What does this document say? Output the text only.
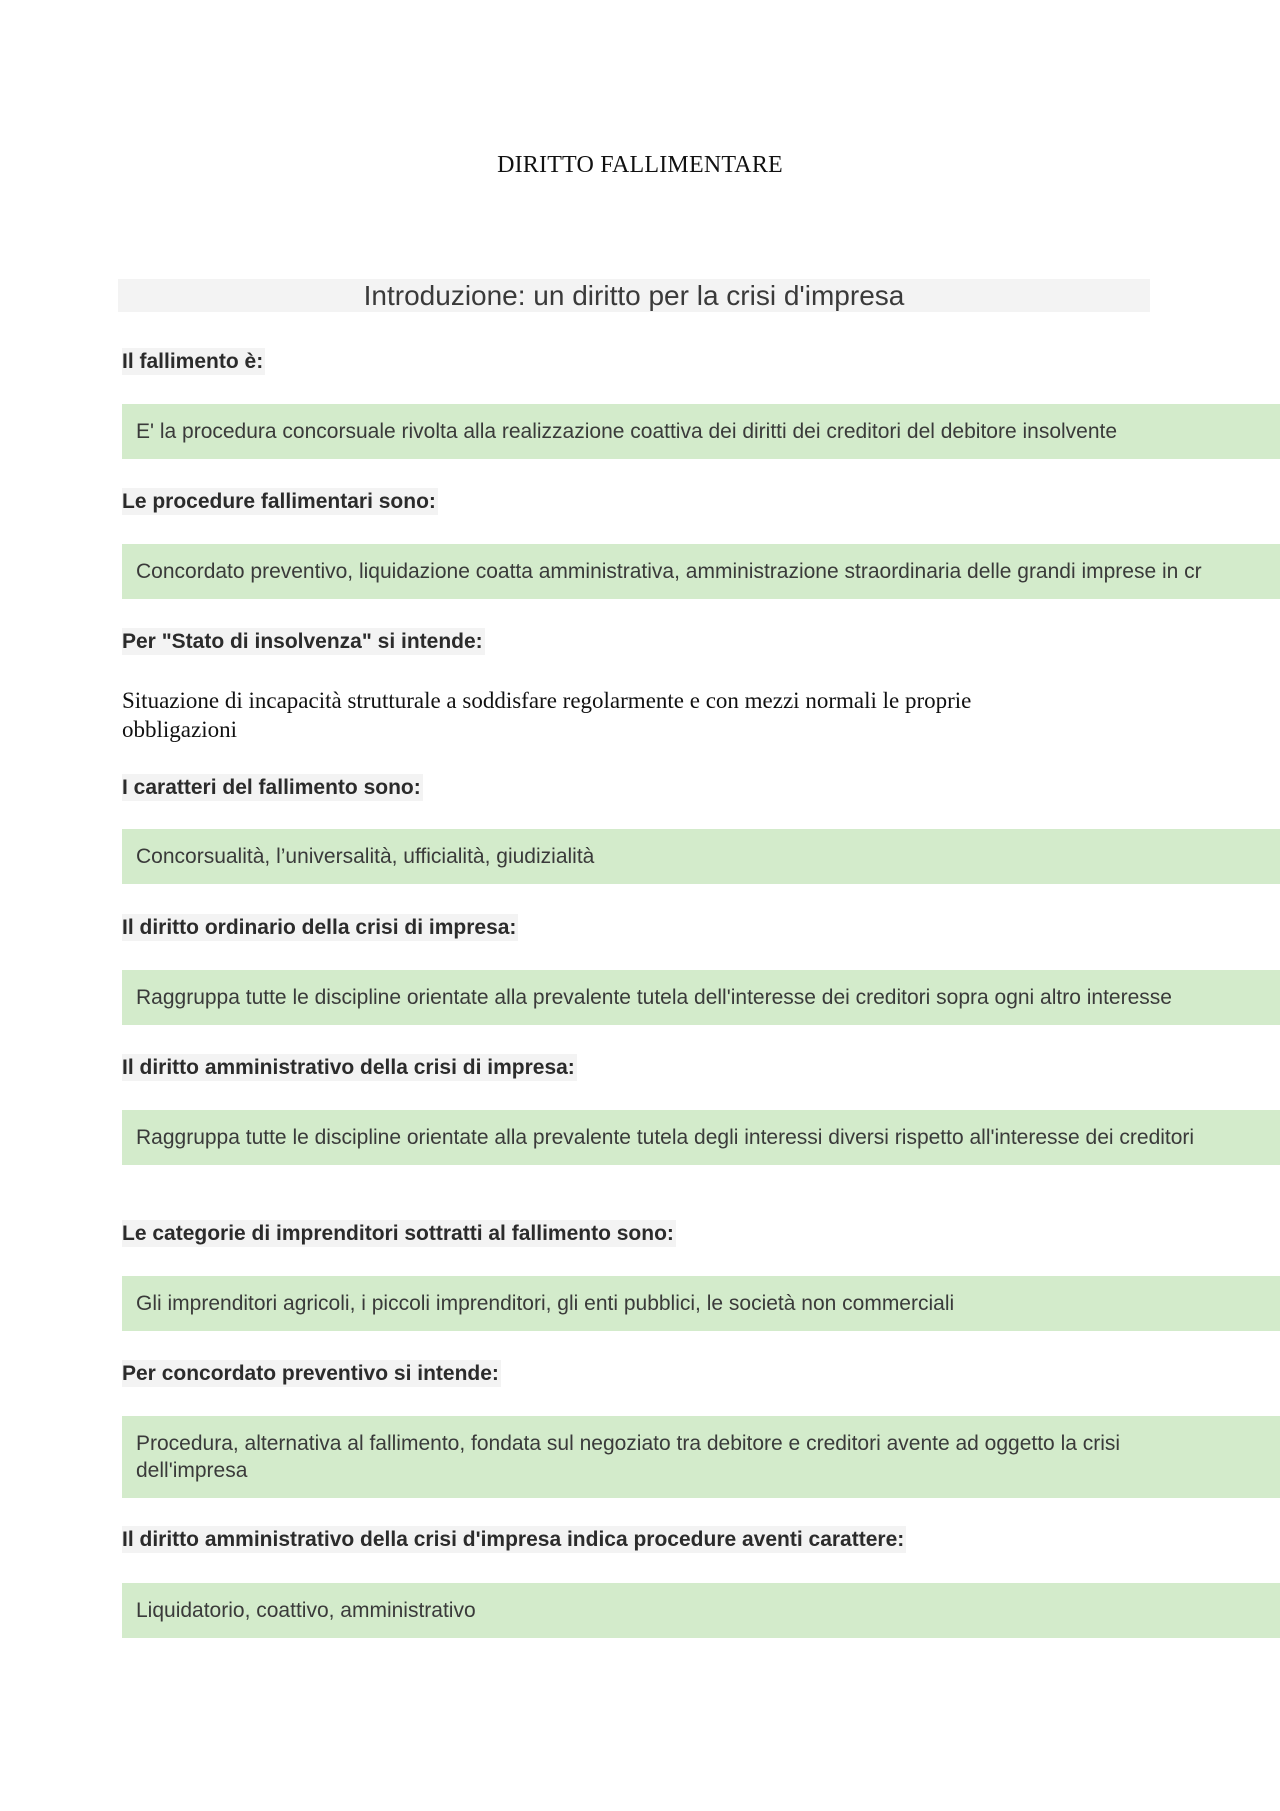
DIRITTO FALLIMENTARE
Introduzione: un diritto per la crisi d'impresa
Il fallimento è:
E' la procedura concorsuale rivolta alla realizzazione coattiva dei diritti dei creditori del debitore insolvente
Le procedure fallimentari sono:
Concordato preventivo, liquidazione coatta amministrativa, amministrazione straordinaria delle grandi imprese in cr
Per "Stato di insolvenza" si intende:
Situazione di incapacità strutturale a soddisfare regolarmente e con mezzi normali le proprie obbligazioni
I caratteri del fallimento sono:
Concorsualità, l’universalità, ufficialità, giudizialità
Il diritto ordinario della crisi di impresa:
Raggruppa tutte le discipline orientate alla prevalente tutela dell'interesse dei creditori sopra ogni altro interesse
Il diritto amministrativo della crisi di impresa:
Raggruppa tutte le discipline orientate alla prevalente tutela degli interessi diversi rispetto all'interesse dei creditori
Le categorie di imprenditori sottratti al fallimento sono:
Gli imprenditori agricoli, i piccoli imprenditori, gli enti pubblici, le società non commerciali
Per concordato preventivo si intende:
Procedura, alternativa al fallimento, fondata sul negoziato tra debitore e creditori avente ad oggetto la crisi dell'impresa
Il diritto amministrativo della crisi d'impresa indica procedure aventi carattere:
Liquidatorio, coattivo, amministrativo
